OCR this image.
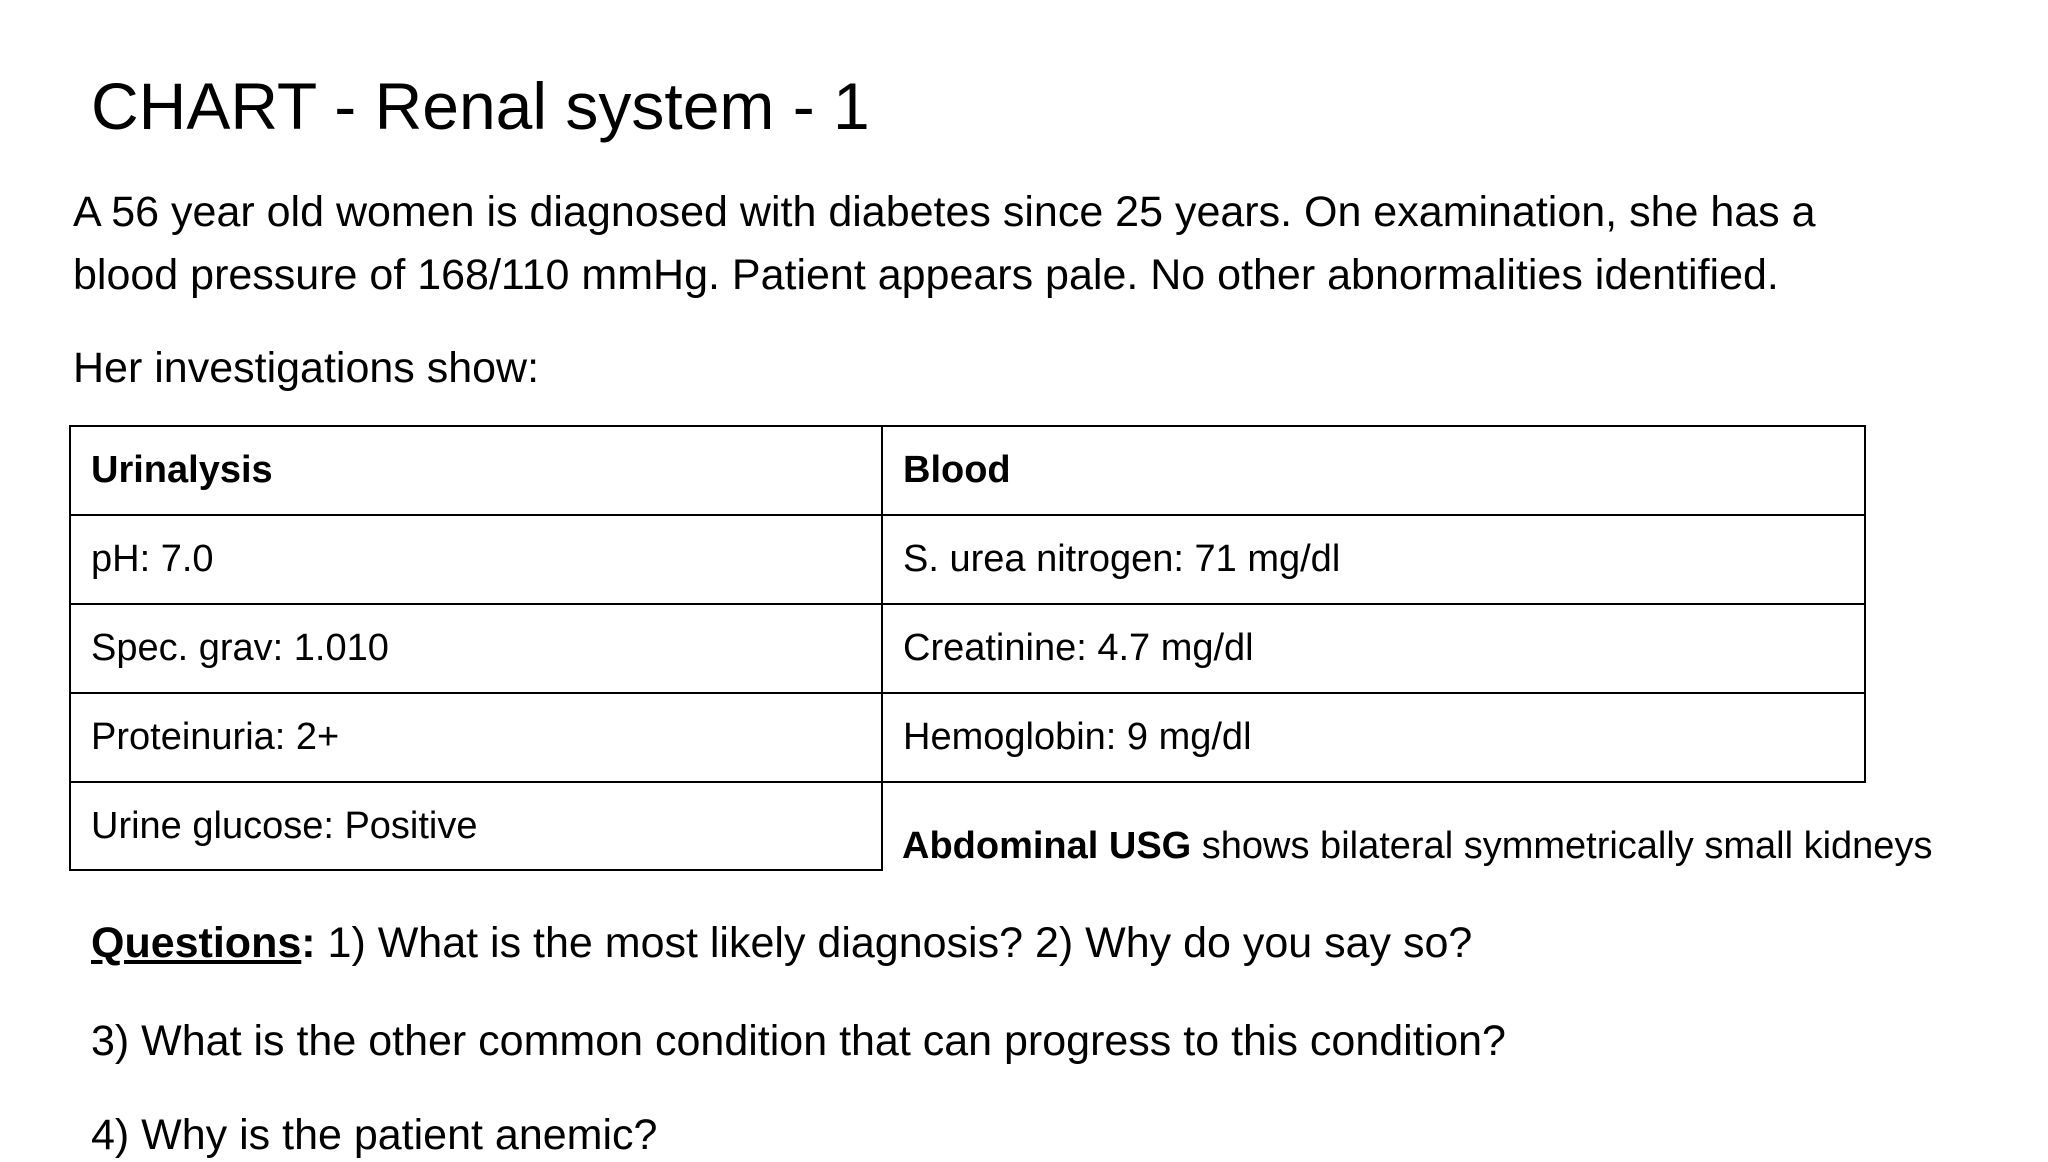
CHART - Renal system - 1

A 56 year old women is diagnosed with diabetes since 25 years. On examination, she has a
blood pressure of 168/110 mmHg. Patient appears pale. No other abnormalities identified.

Her investigations show:

Urinalysis	Blood
pH: 7.0	S. urea nitrogen: 71 mg/dl
Spec. grav: 1.010	Creatinine: 4.7 mg/dl
Proteinuria: 2+	Hemoglobin: 9 mg/dl
Urine glucose: Positive	Abdominal USG shows bilateral symmetrically small kidneys

Questions: 1) What is the most likely diagnosis? 2) Why do you say so?

3) What is the other common condition that can progress to this condition?

4) Why is the patient anemic?
